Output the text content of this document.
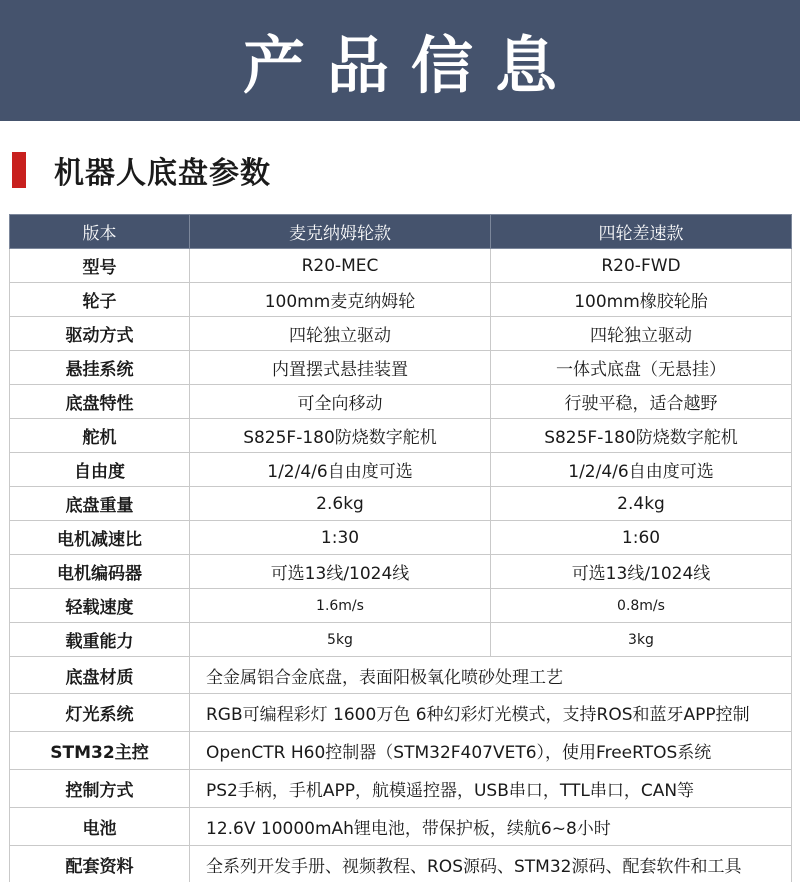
产品信息
机器人底盘参数
版本	麦克纳姆轮款	四轮差速款
型号	R20-MEC	R20-FWD
轮子	100mm麦克纳姆轮	100mm橡胶轮胎
驱动方式	四轮独立驱动	四轮独立驱动
悬挂系统	内置摆式悬挂装置	一体式底盘（无悬挂）
底盘特性	可全向移动	行驶平稳，适合越野
舵机	S825F-180防烧数字舵机	S825F-180防烧数字舵机
自由度	1/2/4/6自由度可选	1/2/4/6自由度可选
底盘重量	2.6kg	2.4kg
电机减速比	1:30	1:60
电机编码器	可选13线/1024线	可选13线/1024线
轻载速度	1.6m/s	0.8m/s
载重能力	5kg	3kg
底盘材质	全金属铝合金底盘，表面阳极氧化喷砂处理工艺	
灯光系统	RGB可编程彩灯 1600万色 6种幻彩灯光模式，支持ROS和蓝牙APP控制	
STM32主控	OpenCTR H60控制器（STM32F407VET6），使用FreeRTOS系统	
控制方式	PS2手柄，手机APP，航模遥控器，USB串口，TTL串口，CAN等	
电池	12.6V 10000mAh锂电池，带保护板，续航6~8小时	
配套资料	全系列开发手册、视频教程、ROS源码、STM32源码、配套软件和工具	
